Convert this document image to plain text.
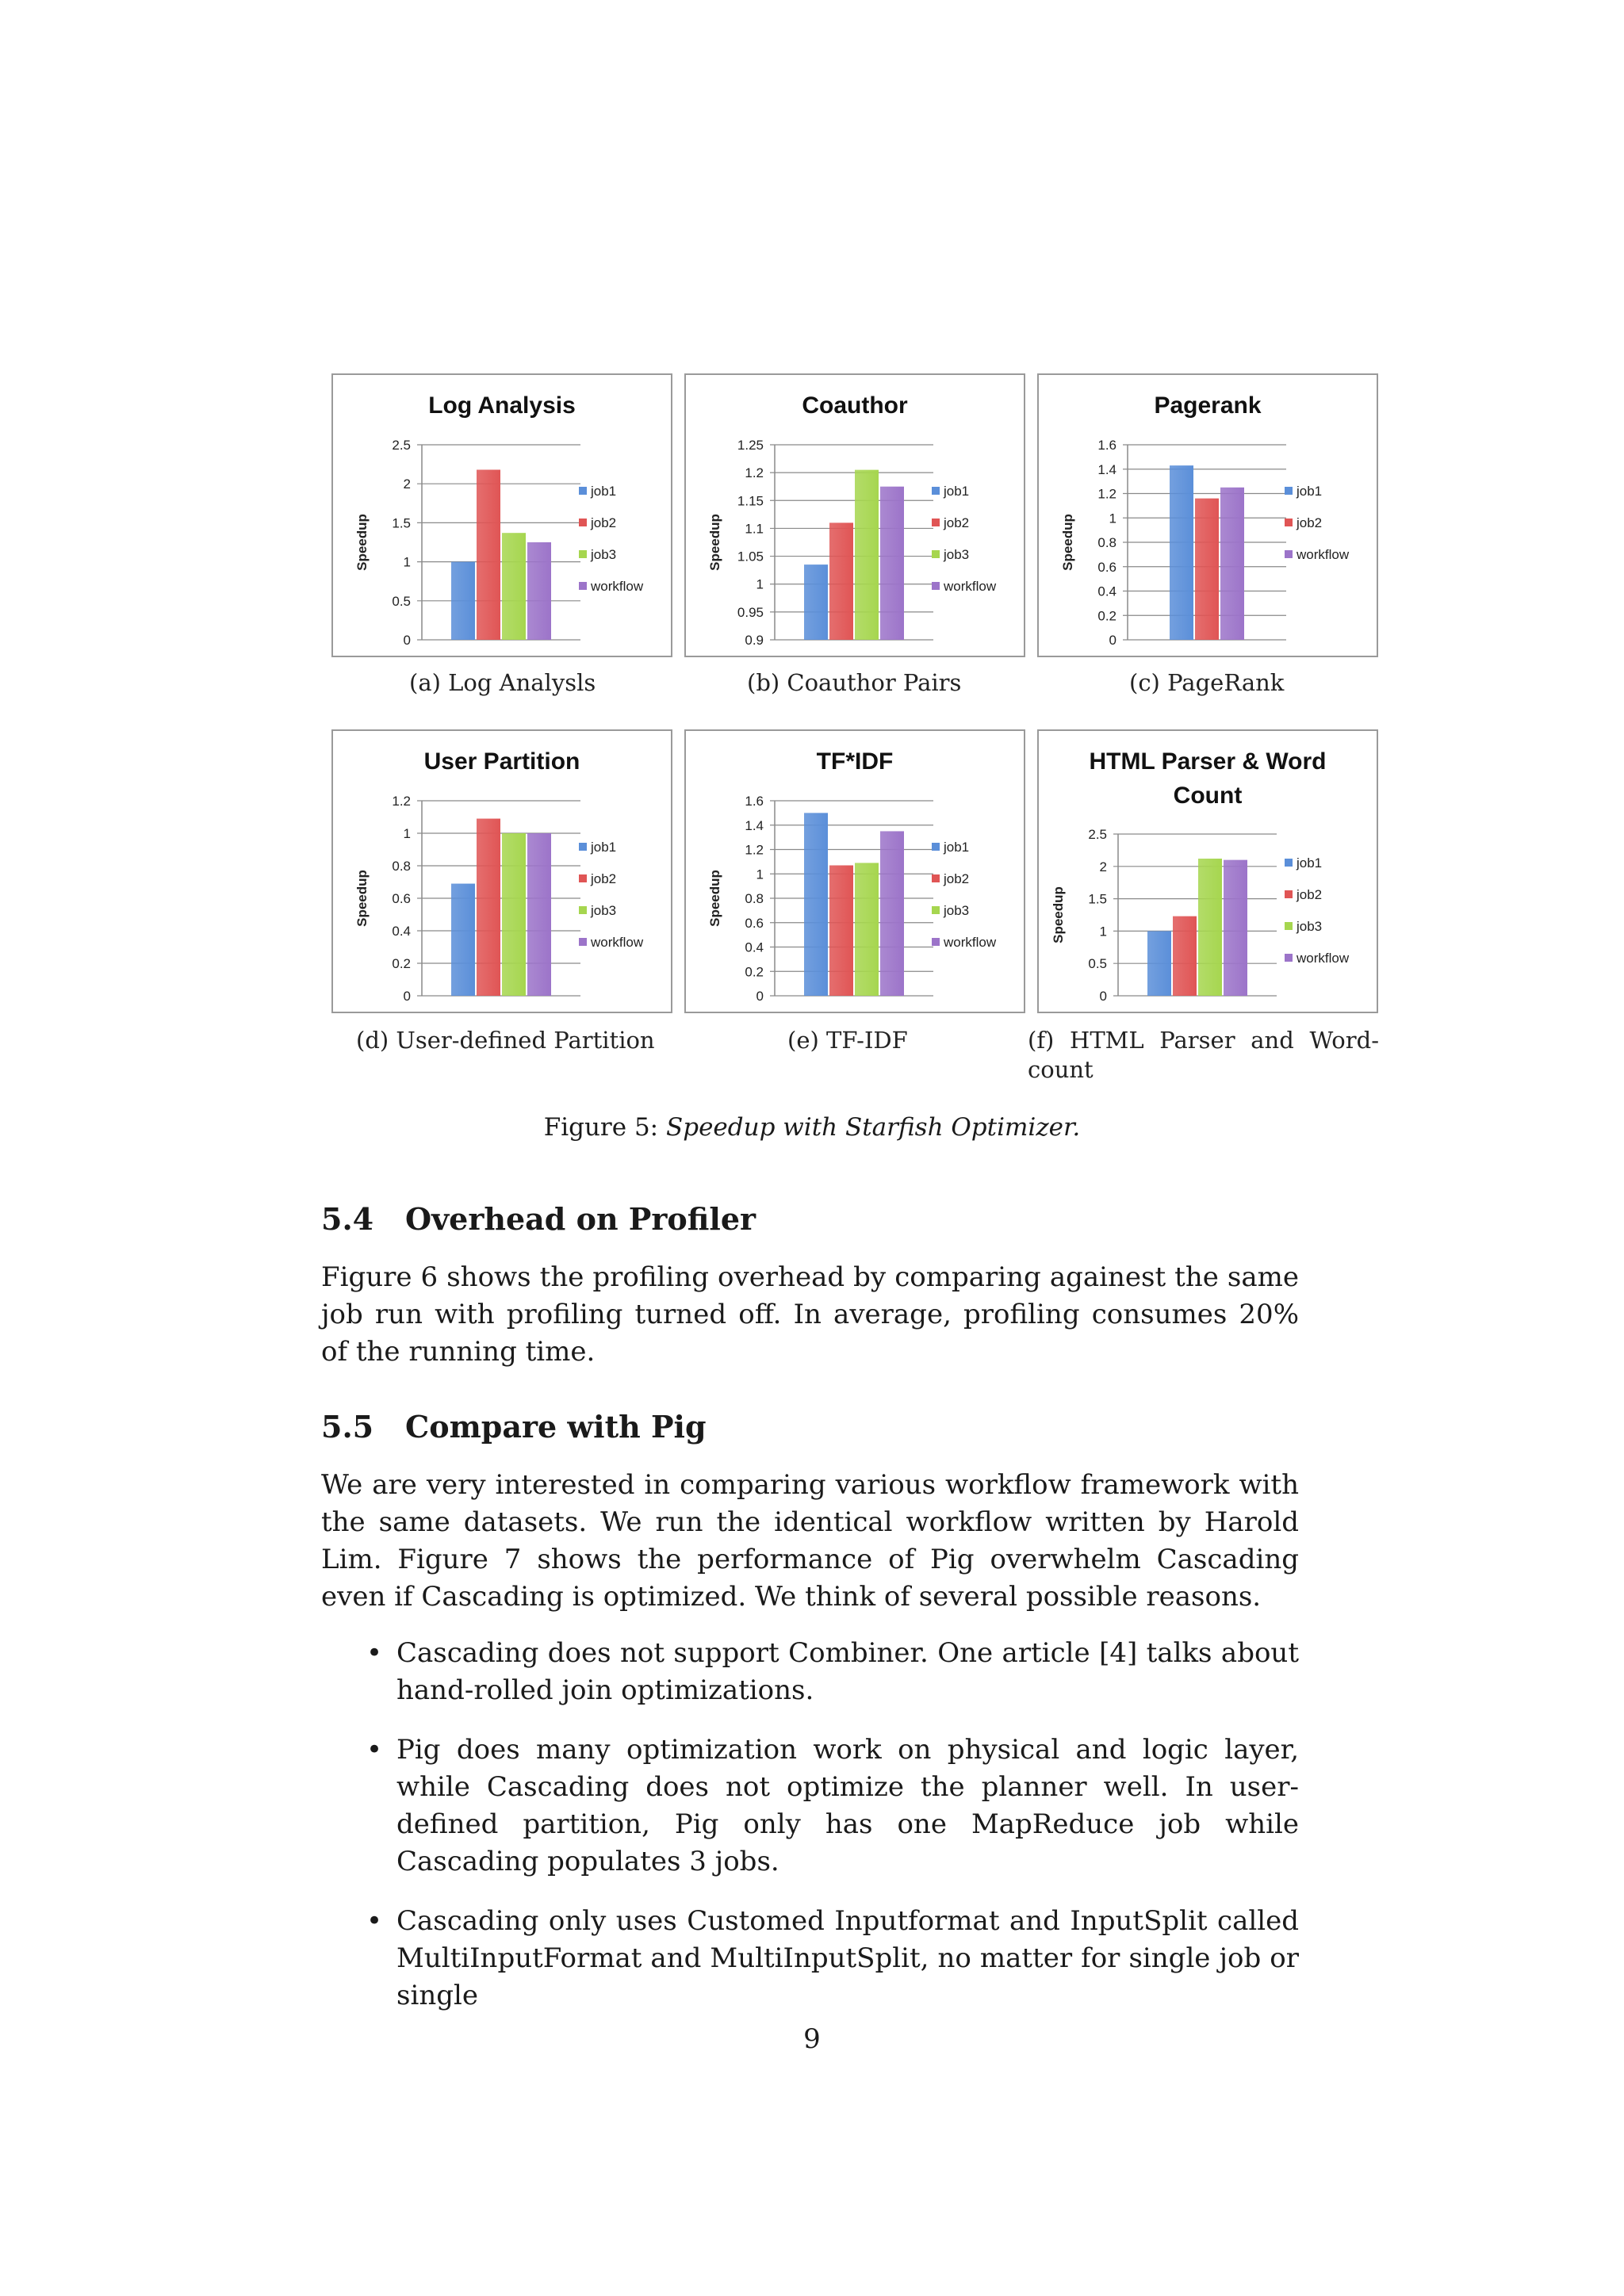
Log Analysis
0
0.5
1
1.5
2
2.5
Speedup
job1
job2
job3
workflow
Coauthor
0.9
0.95
1
1.05
1.1
1.15
1.2
1.25
Speedup
job1
job2
job3
workflow
Pagerank
0
0.2
0.4
0.6
0.8
1
1.2
1.4
1.6
Speedup
job1
job2
workflow
(a) Log Analysls	(b) Coauthor Pairs	(c) PageRank
User Partition
0
0.2
0.4
0.6
0.8
1
1.2
Speedup
job1
job2
job3
workflow
TF*IDF
0
0.2
0.4
0.6
0.8
1
1.2
1.4
1.6
Speedup
job1
job2
job3
workflow
HTML Parser & Word
Count
0
0.5
1
1.5
2
2.5
Speedup
job1
job2
job3
workflow
(d) User-defined Partition	(e) TF-IDF	(f) HTML Parser and Word-
count
Figure 5: Speedup with Starfish Optimizer.
5.4 Overhead on Profiler

Figure 6 shows the profiling overhead by comparing againest the same job run with profiling turned off. In average, profiling consumes 20% of the running time.

5.5 Compare with Pig

We are very interested in comparing various workflow framework with the same datasets. We run the identical workflow written by Harold Lim. Figure 7 shows the performance of Pig overwhelm Cascading even if Cascading is optimized. We think of several possible reasons.

• Cascading does not support Combiner. One article [4] talks about hand-rolled join optimizations.
• Pig does many optimization work on physical and logic layer, while Cascading does not optimize the planner well. In user-defined partition, Pig only has one MapReduce job while Cascading populates 3 jobs.
• Cascading only uses Customed Inputformat and InputSplit called MultiInputFormat and MultiInputSplit, no matter for single job or single
9
